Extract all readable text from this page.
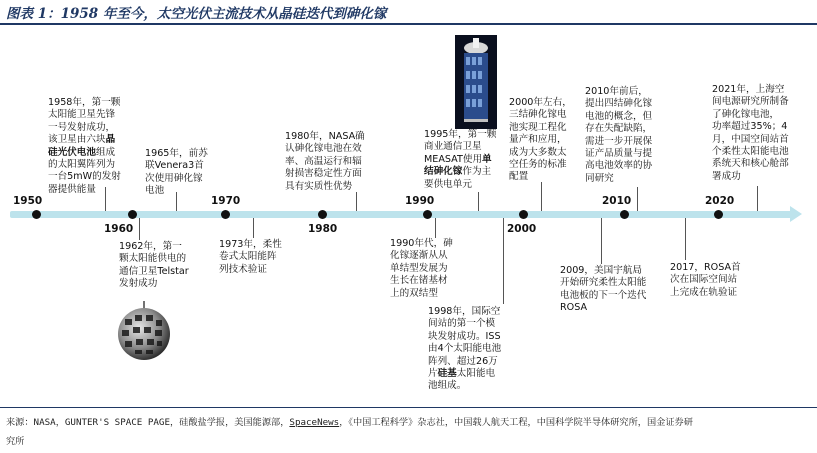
图表 1：1958 年至今，太空光伏主流技术从晶硅迭代到砷化镓
1958年，第一颗
太阳能卫星先锋
一号发射成功，
该卫星由六块晶
硅光伏电池组成
的太阳翼阵列为
一台5mW的发射
器提供能量
1965年，前苏
联Venera3首
次使用砷化镓
电池
1980年，NASA确
认砷化镓电池在效
率、高温运行和辐
射损害稳定性方面
具有实质性优势
1995年，第一颗
商业通信卫星
MEASAT使用单
结砷化镓作为主
要供电单元
2000年左右，
三结砷化镓电
池实现工程化
量产和应用，
成为大多数太
空任务的标准
配置
2010年前后，
提出四结砷化镓
电池的概念，但
存在失配缺陷，
需进一步开展保
证产品质量与提
高电池效率的协
同研究
2021年，上海空
间电源研究所制备
了砷化镓电池，
功率超过35%；4
月，中国空间站首
个柔性太阳能电池
系统天和核心舱部
署成功
1962年，第一
颗太阳能供电的
通信卫星Telstar
发射成功
1973年，柔性
卷式太阳能阵
列技术验证
1990年代，砷
化镓逐渐从从
单结型发展为
生长在锗基材
上的双结型
1998年，国际空
间站的第一个模
块发射成功。ISS
由4个太阳能电池
阵列、超过26万
片硅基太阳能电
池组成。
2009，美国宇航局
开始研究柔性太阳能
电池板的下一个迭代
ROSA
2017，ROSA首
次在国际空间站
上完成在轨验证
1950
1960
1970
1980
1990
2000
2010	2020
来源：NASA，GUNTER'S SPACE PAGE，硅酸盐学报，美国能源部，SpaceNews，《中国工程科学》杂志社，中国载人航天工程，中国科学院半导体研究所，国金证券研
究所
